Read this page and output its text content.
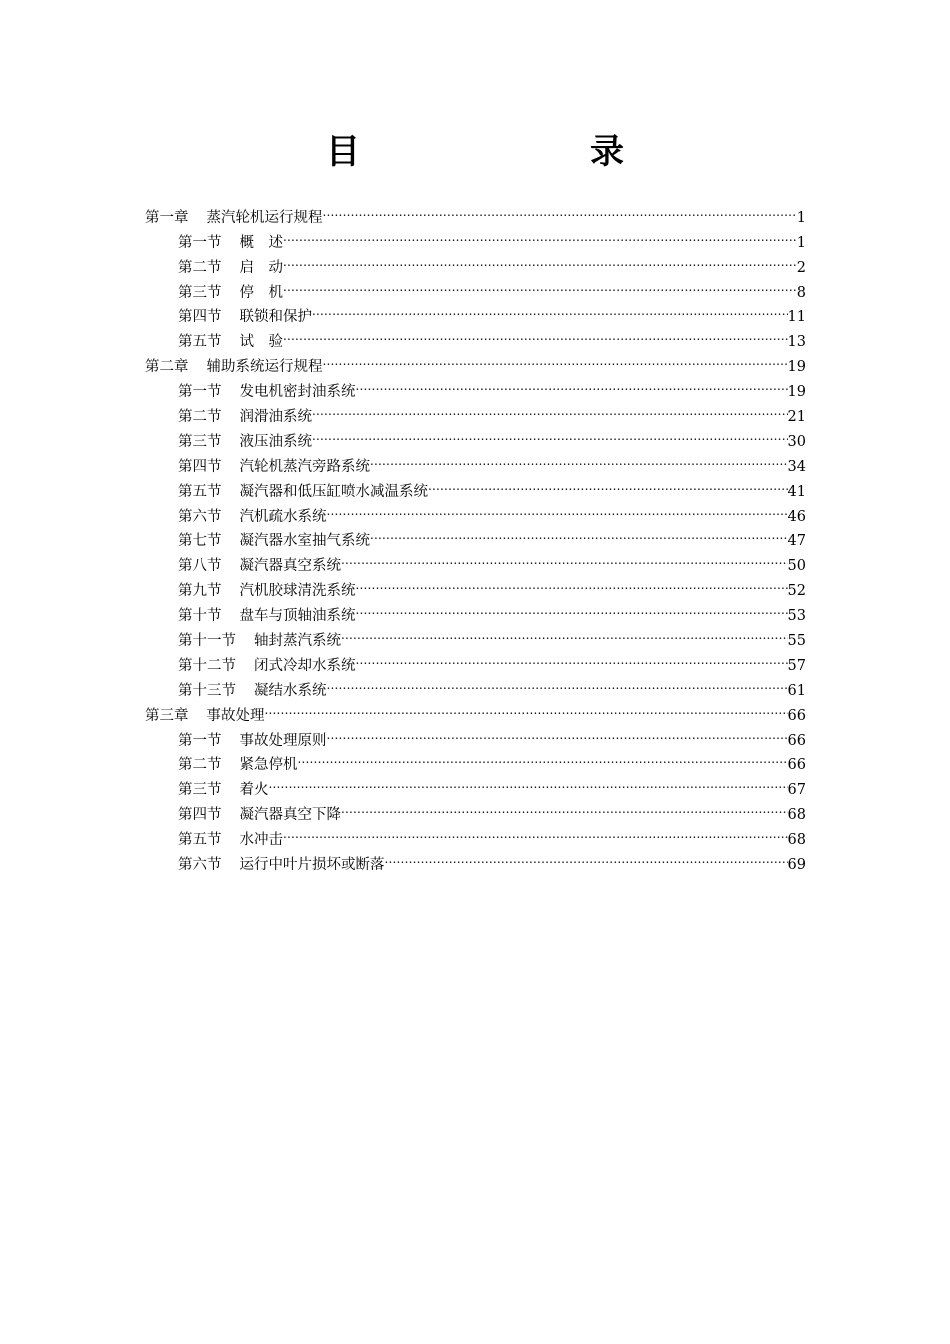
目　　录
第一章 蒸汽轮机运行规程 .....	1
第一节 概　述 .....	1
第二节 启　动 .....	2
第三节 停　机 .....	8
第四节 联锁和保护 .....	11
第五节 试　验 .....	13
第二章 辅助系统运行规程 .....	19
第一节 发电机密封油系统 .....	19
第二节 润滑油系统 .....	21
第三节 液压油系统 .....	30
第四节 汽轮机蒸汽旁路系统 .....	34
第五节 凝汽器和低压缸喷水减温系统 .....	41
第六节 汽机疏水系统 .....	46
第七节 凝汽器水室抽气系统 .....	47
第八节 凝汽器真空系统 .....	50
第九节 汽机胶球清洗系统 .....	52
第十节 盘车与顶轴油系统 .....	53
第十一节 轴封蒸汽系统 .....	55
第十二节 闭式冷却水系统 .....	57
第十三节 凝结水系统 .....	61
第三章 事故处理 .....	66
第一节 事故处理原则 .....	66
第二节 紧急停机 .....	66
第三节 着火 .....	67
第四节 凝汽器真空下降 .....	68
第五节 水冲击 .....	68
第六节 运行中叶片损坏或断落 .....	69
